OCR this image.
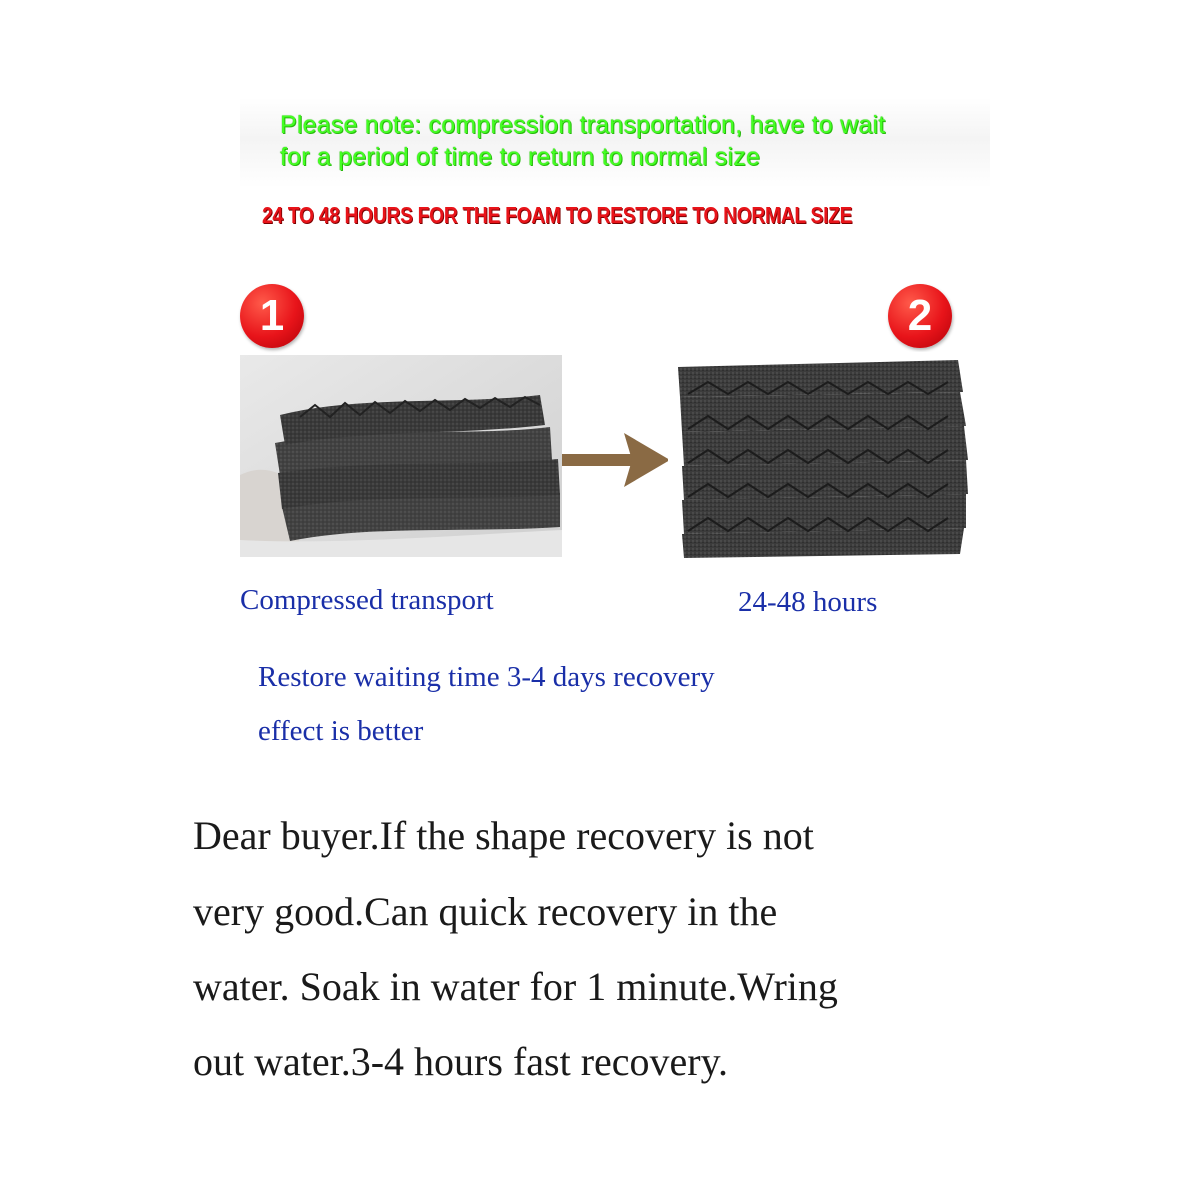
Please note: compression transportation, have to wait
for a period of time to return to normal size
24 TO 48 HOURS FOR THE FOAM TO RESTORE TO NORMAL SIZE
1	2
Compressed transport	24-48 hours
Restore waiting time 3-4 days recovery
effect is better
Dear buyer.If the shape recovery is not
very good.Can quick recovery in the
water. Soak in water for 1 minute.Wring
out water.3-4 hours fast recovery.
